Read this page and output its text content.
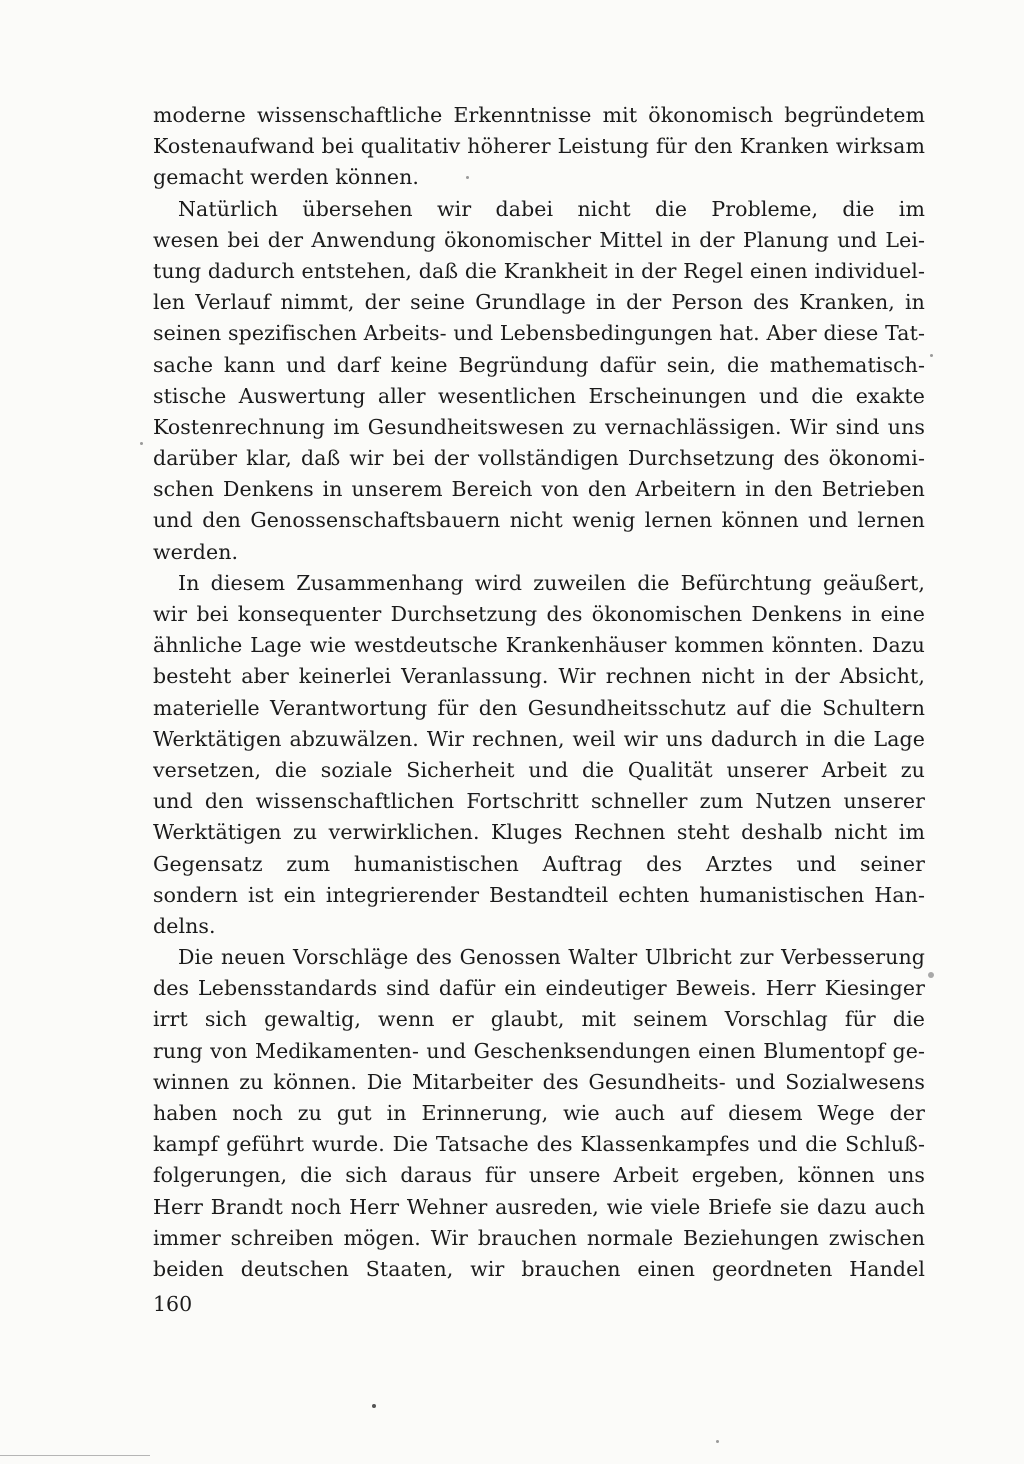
moderne wissenschaftliche Erkenntnisse mit ökonomisch begründetem
Kostenaufwand bei qualitativ höherer Leistung für den Kranken wirksam
gemacht werden können.
Natürlich übersehen wir dabei nicht die Probleme, die im
wesen bei der Anwendung ökonomischer Mittel in der Planung und Lei-
tung dadurch entstehen, daß die Krankheit in der Regel einen individuel-
len Verlauf nimmt, der seine Grundlage in der Person des Kranken, in
seinen spezifischen Arbeits- und Lebensbedingungen hat. Aber diese Tat-
sache kann und darf keine Begründung dafür sein, die mathematisch-
stische Auswertung aller wesentlichen Erscheinungen und die exakte
Kostenrechnung im Gesundheitswesen zu vernachlässigen. Wir sind uns
darüber klar, daß wir bei der vollständigen Durchsetzung des ökonomi-
schen Denkens in unserem Bereich von den Arbeitern in den Betrieben
und den Genossenschaftsbauern nicht wenig lernen können und lernen
werden.
In diesem Zusammenhang wird zuweilen die Befürchtung geäußert,
wir bei konsequenter Durchsetzung des ökonomischen Denkens in eine
ähnliche Lage wie westdeutsche Krankenhäuser kommen könnten. Dazu
besteht aber keinerlei Veranlassung. Wir rechnen nicht in der Absicht,
materielle Verantwortung für den Gesundheitsschutz auf die Schultern
Werktätigen abzuwälzen. Wir rechnen, weil wir uns dadurch in die Lage
versetzen, die soziale Sicherheit und die Qualität unserer Arbeit zu
und den wissenschaftlichen Fortschritt schneller zum Nutzen unserer
Werktätigen zu verwirklichen. Kluges Rechnen steht deshalb nicht im
Gegensatz zum humanistischen Auftrag des Arztes und seiner
sondern ist ein integrierender Bestandteil echten humanistischen Han-
delns.
Die neuen Vorschläge des Genossen Walter Ulbricht zur Verbesserung
des Lebensstandards sind dafür ein eindeutiger Beweis. Herr Kiesinger
irrt sich gewaltig, wenn er glaubt, mit seinem Vorschlag für die
rung von Medikamenten- und Geschenksendungen einen Blumentopf ge-
winnen zu können. Die Mitarbeiter des Gesundheits- und Sozialwesens
haben noch zu gut in Erinnerung, wie auch auf diesem Wege der
kampf geführt wurde. Die Tatsache des Klassenkampfes und die Schluß-
folgerungen, die sich daraus für unsere Arbeit ergeben, können uns
Herr Brandt noch Herr Wehner ausreden, wie viele Briefe sie dazu auch
immer schreiben mögen. Wir brauchen normale Beziehungen zwischen
beiden deutschen Staaten, wir brauchen einen geordneten Handel
160
